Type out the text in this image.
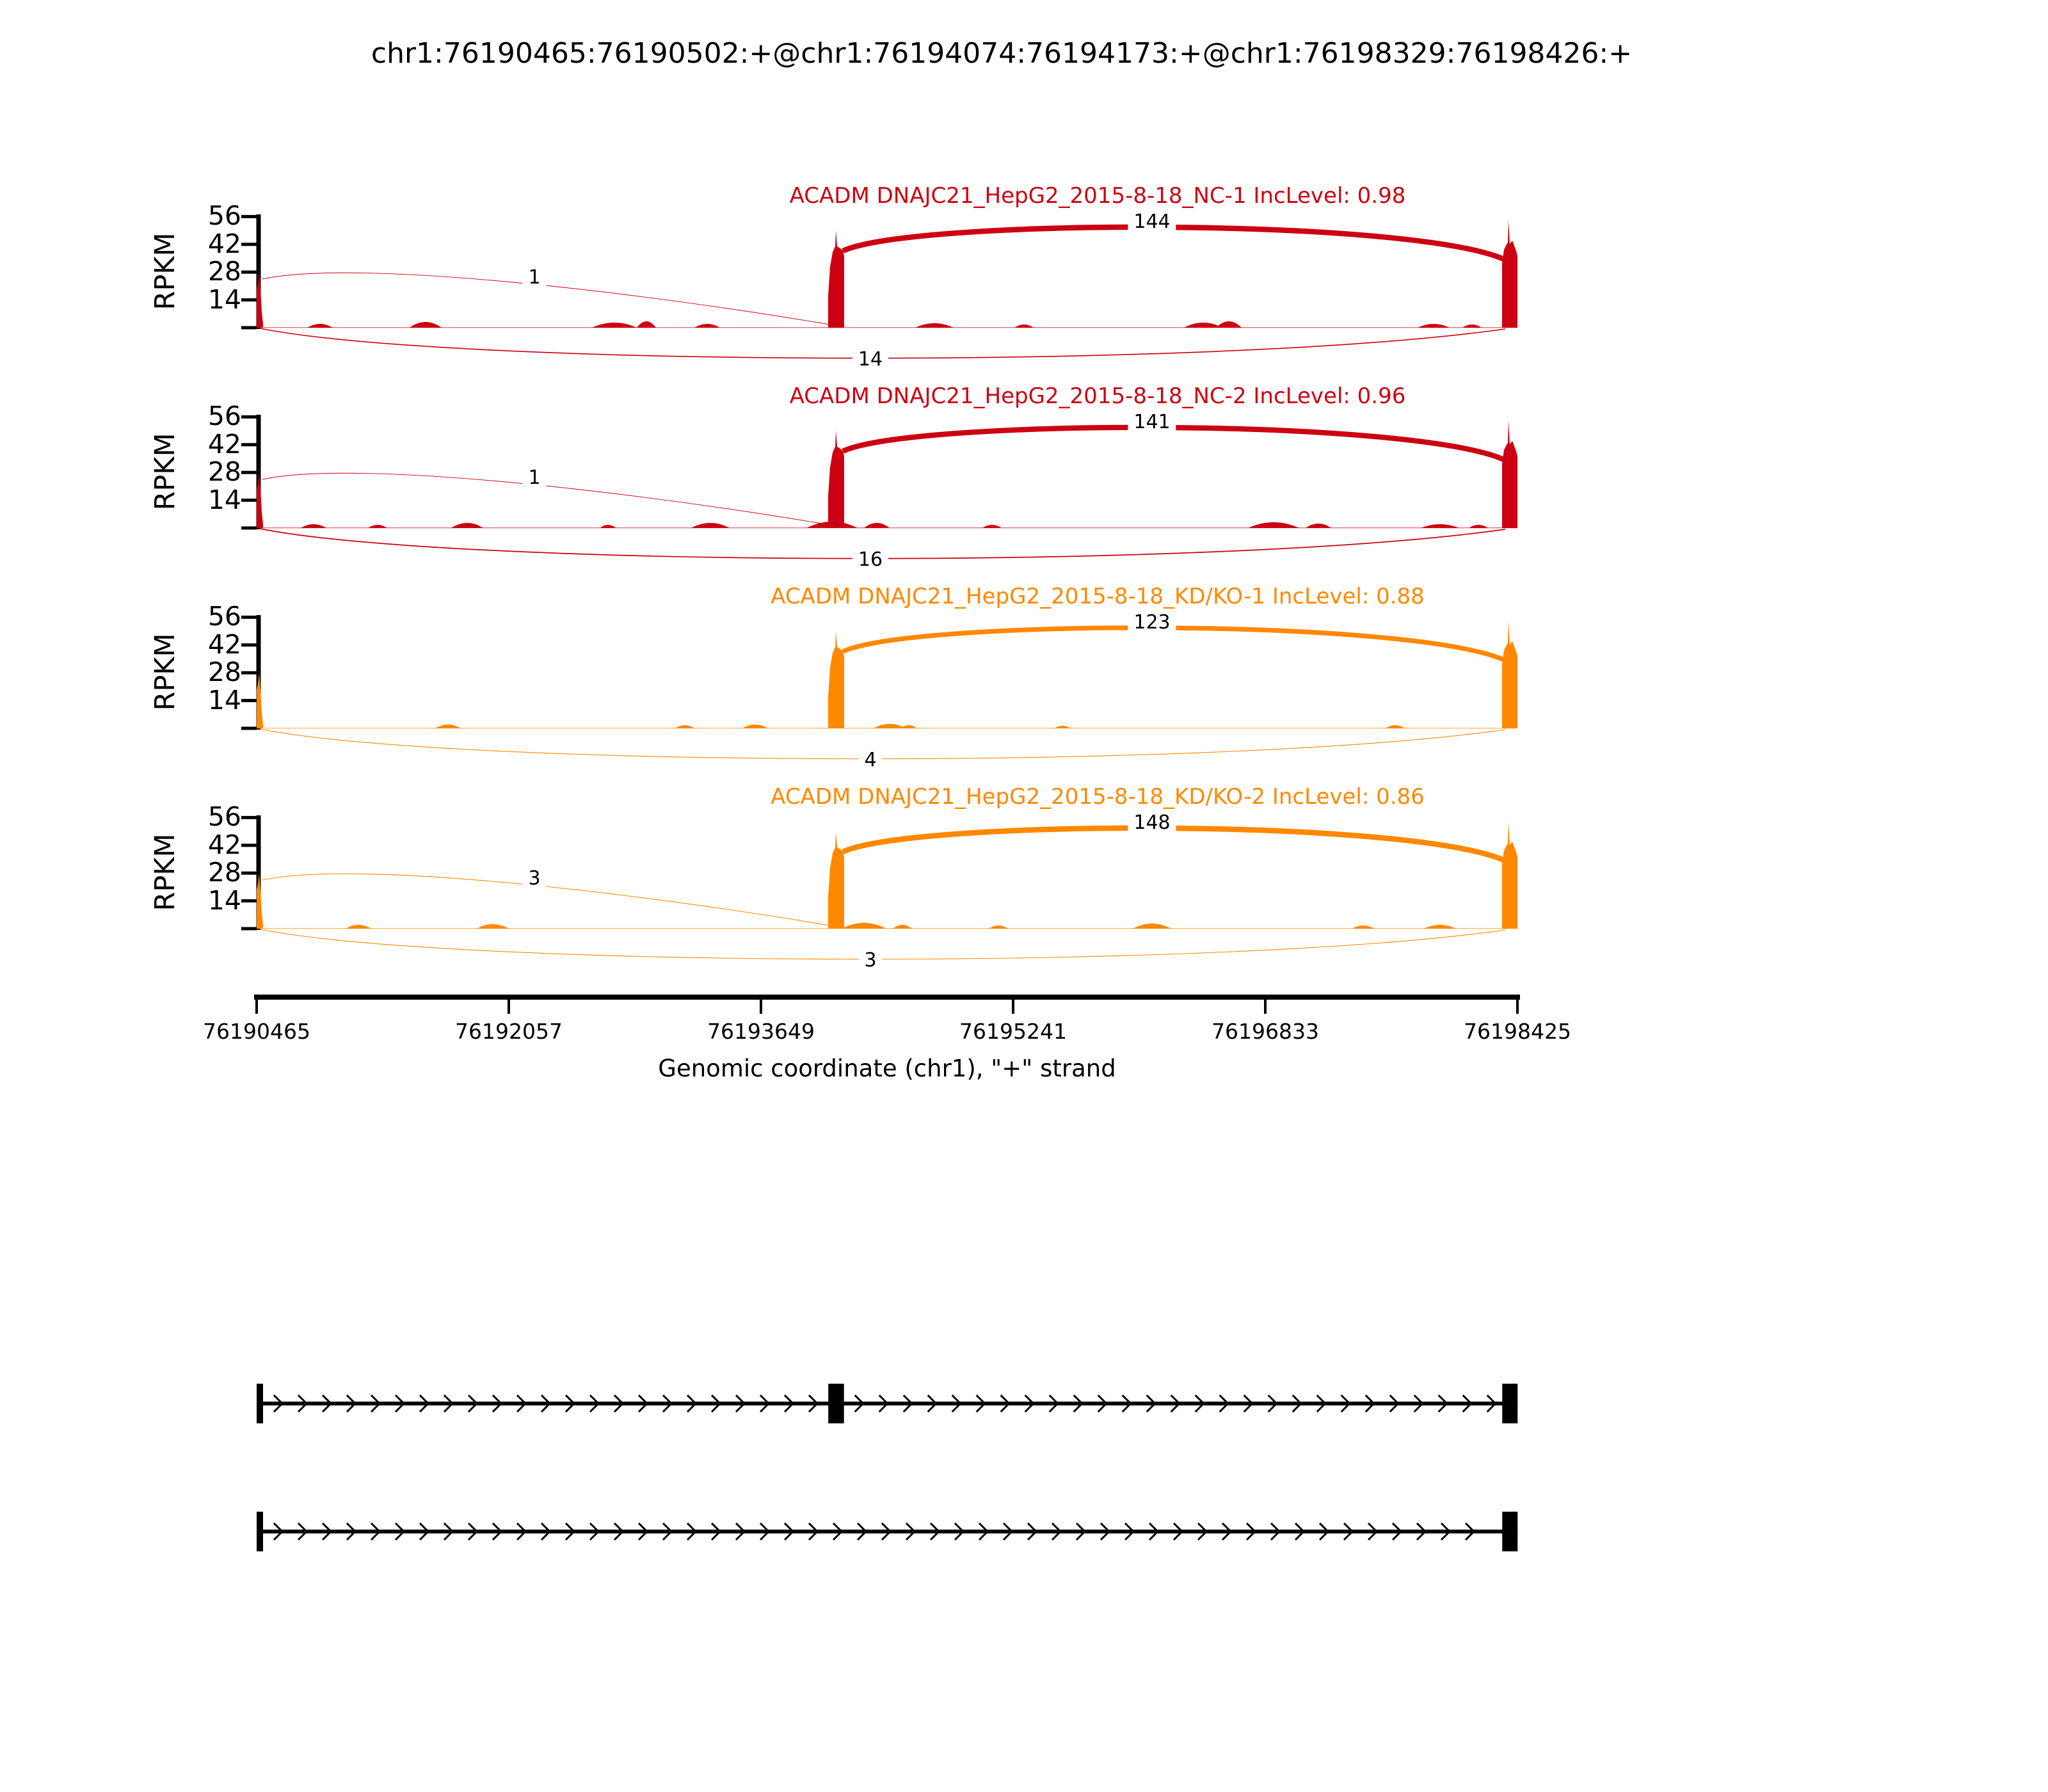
chr1:76190465:76190502:+@chr1:76194074:76194173:+@chr1:76198329:76198426:+
ACADM DNAJC21_HepG2_2015-8-18_NC-1 IncLevel: 0.98
RPKM	14
28
42
56
1
144
14
ACADM DNAJC21_HepG2_2015-8-18_NC-2 IncLevel: 0.96
RPKM	14
28
42
56
1
141
16
ACADM DNAJC21_HepG2_2015-8-18_KD/KO-1 IncLevel: 0.88
RPKM	14
28
42
56	123
4
ACADM DNAJC21_HepG2_2015-8-18_KD/KO-2 IncLevel: 0.86
RPKM	14
28
42
56
3
148
3
76190465	76192057	76193649	76195241	76196833	76198425
Genomic coordinate (chr1), "+" strand
